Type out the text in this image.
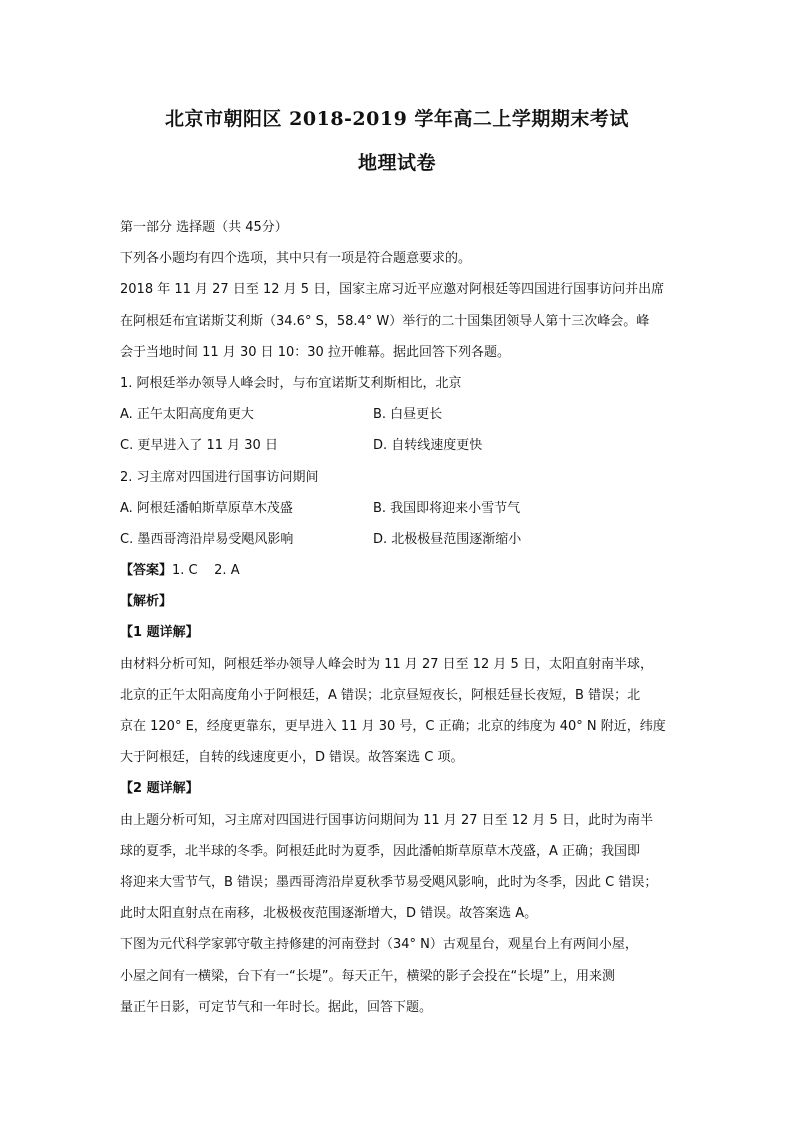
北京市朝阳区 2018-2019 学年高二上学期期末考试
地理试卷
第一部分 选择题（共 45分）
下列各小题均有四个选项，其中只有一项是符合题意要求的。
2018 年 11 月 27 日至 12 月 5 日，国家主席习近平应邀对阿根廷等四国进行国事访问并出席
在阿根廷布宜诺斯艾利斯（34.6° S，58.4° W）举行的二十国集团领导人第十三次峰会。峰
会于当地时间 11 月 30 日 10：30 拉开帷幕。据此回答下列各题。
1. 阿根廷举办领导人峰会时，与布宜诺斯艾利斯相比，北京
A. 正午太阳高度角更大	B. 白昼更长
C. 更早进入了 11 月 30 日	D. 自转线速度更快
2. 习主席对四国进行国事访问期间
A. 阿根廷潘帕斯草原草木茂盛	B. 我国即将迎来小雪节气
C. 墨西哥湾沿岸易受飓风影响	D. 北极极昼范围逐渐缩小
【答案】1. C    2. A
【解析】
【1 题详解】
由材料分析可知，阿根廷举办领导人峰会时为 11 月 27 日至 12 月 5 日，太阳直射南半球，
北京的正午太阳高度角小于阿根廷，A 错误；北京昼短夜长，阿根廷昼长夜短，B 错误；北
京在 120° E，经度更靠东，更早进入 11 月 30 号，C 正确；北京的纬度为 40° N 附近，纬度
大于阿根廷，自转的线速度更小，D 错误。故答案选 C 项。
【2 题详解】
由上题分析可知，习主席对四国进行国事访问期间为 11 月 27 日至 12 月 5 日，此时为南半
球的夏季，北半球的冬季。阿根廷此时为夏季，因此潘帕斯草原草木茂盛，A 正确；我国即
将迎来大雪节气，B 错误；墨西哥湾沿岸夏秋季节易受飓风影响，此时为冬季，因此 C 错误；
此时太阳直射点在南移，北极极夜范围逐渐增大，D 错误。故答案选 A。
下图为元代科学家郭守敬主持修建的河南登封（34° N）古观星台，观星台上有两间小屋，
小屋之间有一横梁，台下有一“长堤”。每天正午，横梁的影子会投在“长堤”上，用来测
量正午日影，可定节气和一年时长。据此，回答下题。
